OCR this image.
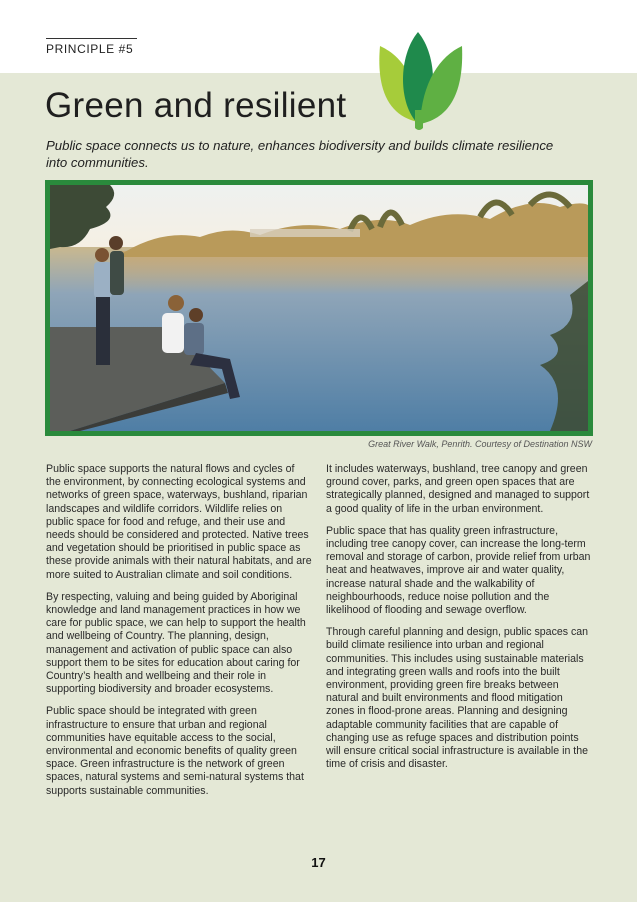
PRINCIPLE #5
Green and resilient

Public space connects us to nature, enhances biodiversity and builds climate resilience into communities.

Great River Walk, Penrith. Courtesy of Destination NSW

Public space supports the natural flows and cycles of the environment, by connecting ecological systems and networks of green space, waterways, bushland, riparian landscapes and wildlife corridors. Wildlife relies on public space for food and refuge, and their use and needs should be considered and protected. Native trees and vegetation should be prioritised in public space as these provide animals with their natural habitats, and are more suited to Australian climate and soil conditions.

By respecting, valuing and being guided by Aboriginal knowledge and land management practices in how we care for public space, we can help to support the health and wellbeing of Country. The planning, design, management and activation of public space can also support them to be sites for education about caring for Country’s health and wellbeing and their role in supporting biodiversity and broader ecosystems.

Public space should be integrated with green infrastructure to ensure that urban and regional communities have equitable access to the social, environmental and economic benefits of quality green space. Green infrastructure is the network of green spaces, natural systems and semi-natural systems that supports sustainable communities.

It includes waterways, bushland, tree canopy and green ground cover, parks, and green open spaces that are strategically planned, designed and managed to support a good quality of life in the urban environment.

Public space that has quality green infrastructure, including tree canopy cover, can increase the long-term removal and storage of carbon, provide relief from urban heat and heatwaves, improve air and water quality, increase natural shade and the walkability of neighbourhoods, reduce noise pollution and the likelihood of flooding and sewage overflow.

Through careful planning and design, public spaces can build climate resilience into urban and regional communities. This includes using sustainable materials and integrating green walls and roofs into the built environment, providing green fire breaks between natural and built environments and flood mitigation zones in flood-prone areas. Planning and designing adaptable community facilities that are capable of changing use as refuge spaces and distribution points will ensure critical social infrastructure is available in the time of crisis and disaster.

17
